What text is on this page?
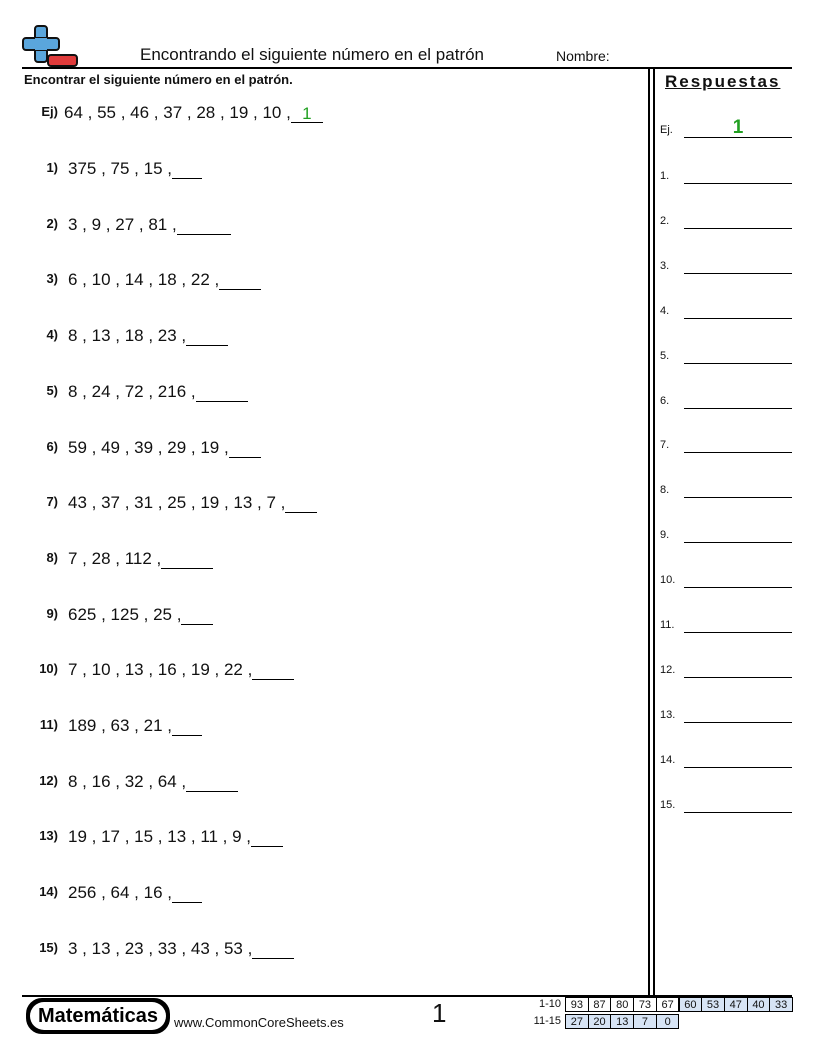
Encontrando el siguiente número en el patrón	Nombre:
Encontrar el siguiente número en el patrón.	Respuestas
Ej) 64 , 55 , 46 , 37 , 28 , 19 , 10 , 1
1) 375 , 75 , 15 ,
2) 3 , 9 , 27 , 81 ,
3) 6 , 10 , 14 , 18 , 22 ,
4) 8 , 13 , 18 , 23 ,
5) 8 , 24 , 72 , 216 ,
6) 59 , 49 , 39 , 29 , 19 ,
7) 43 , 37 , 31 , 25 , 19 , 13 , 7 ,
8) 7 , 28 , 112 ,
9) 625 , 125 , 25 ,
10) 7 , 10 , 13 , 16 , 19 , 22 ,
11) 189 , 63 , 21 ,
12) 8 , 16 , 32 , 64 ,
13) 19 , 17 , 15 , 13 , 11 , 9 ,
14) 256 , 64 , 16 ,
15) 3 , 13 , 23 , 33 , 43 , 53 ,
Ej.	1
1.
2.
3.
4.
5.
6.
7.
8.
9.
10.
11.
12.
13.
14.
15.
Matemáticas	www.CommonCoreSheets.es	1	1-10 93 87 80 73 67 60 53 47 40 33
11-15 27 20 13	7	0
